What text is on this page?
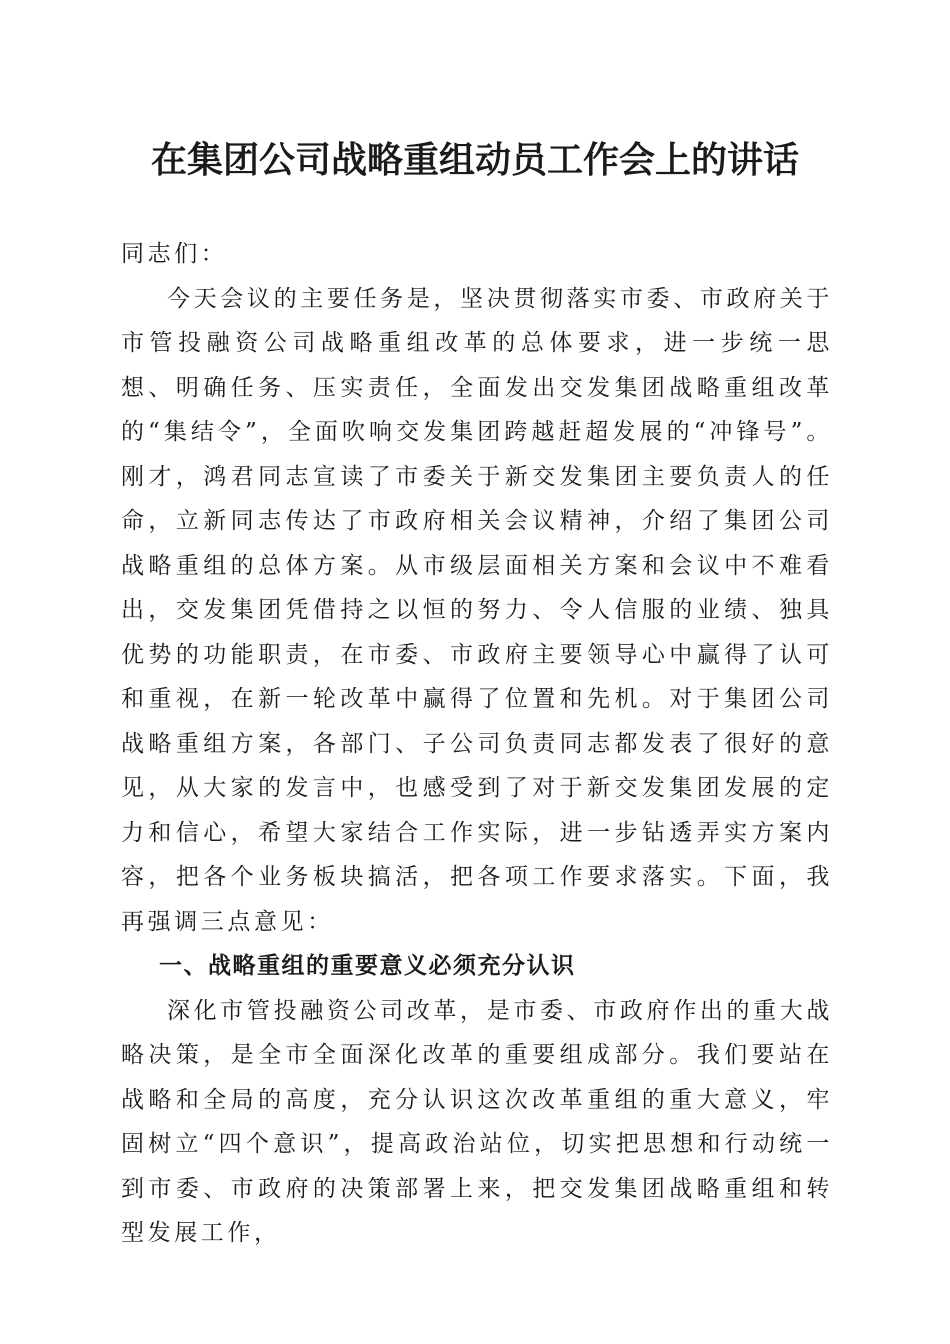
在集团公司战略重组动员工作会上的讲话

同志们：

今天会议的主要任务是，坚决贯彻落实市委、市政府关于市管投融资公司战略重组改革的总体要求，进一步统一思想、明确任务、压实责任，全面发出交发集团战略重组改革的“集结令”，全面吹响交发集团跨越赶超发展的“冲锋号”。刚才，鸿君同志宣读了市委关于新交发集团主要负责人的任命，立新同志传达了市政府相关会议精神，介绍了集团公司战略重组的总体方案。从市级层面相关方案和会议中不难看出，交发集团凭借持之以恒的努力、令人信服的业绩、独具优势的功能职责，在市委、市政府主要领导心中赢得了认可和重视，在新一轮改革中赢得了位置和先机。对于集团公司战略重组方案，各部门、子公司负责同志都发表了很好的意见，从大家的发言中，也感受到了对于新交发集团发展的定力和信心，希望大家结合工作实际，进一步钻透弄实方案内容，把各个业务板块搞活，把各项工作要求落实。下面，我再强调三点意见：

一、战略重组的重要意义必须充分认识

深化市管投融资公司改革，是市委、市政府作出的重大战略决策，是全市全面深化改革的重要组成部分。我们要站在战略和全局的高度，充分认识这次改革重组的重大意义，牢固树立“四个意识”，提高政治站位，切实把思想和行动统一到市委、市政府的决策部署上来，把交发集团战略重组和转型发展工作，
